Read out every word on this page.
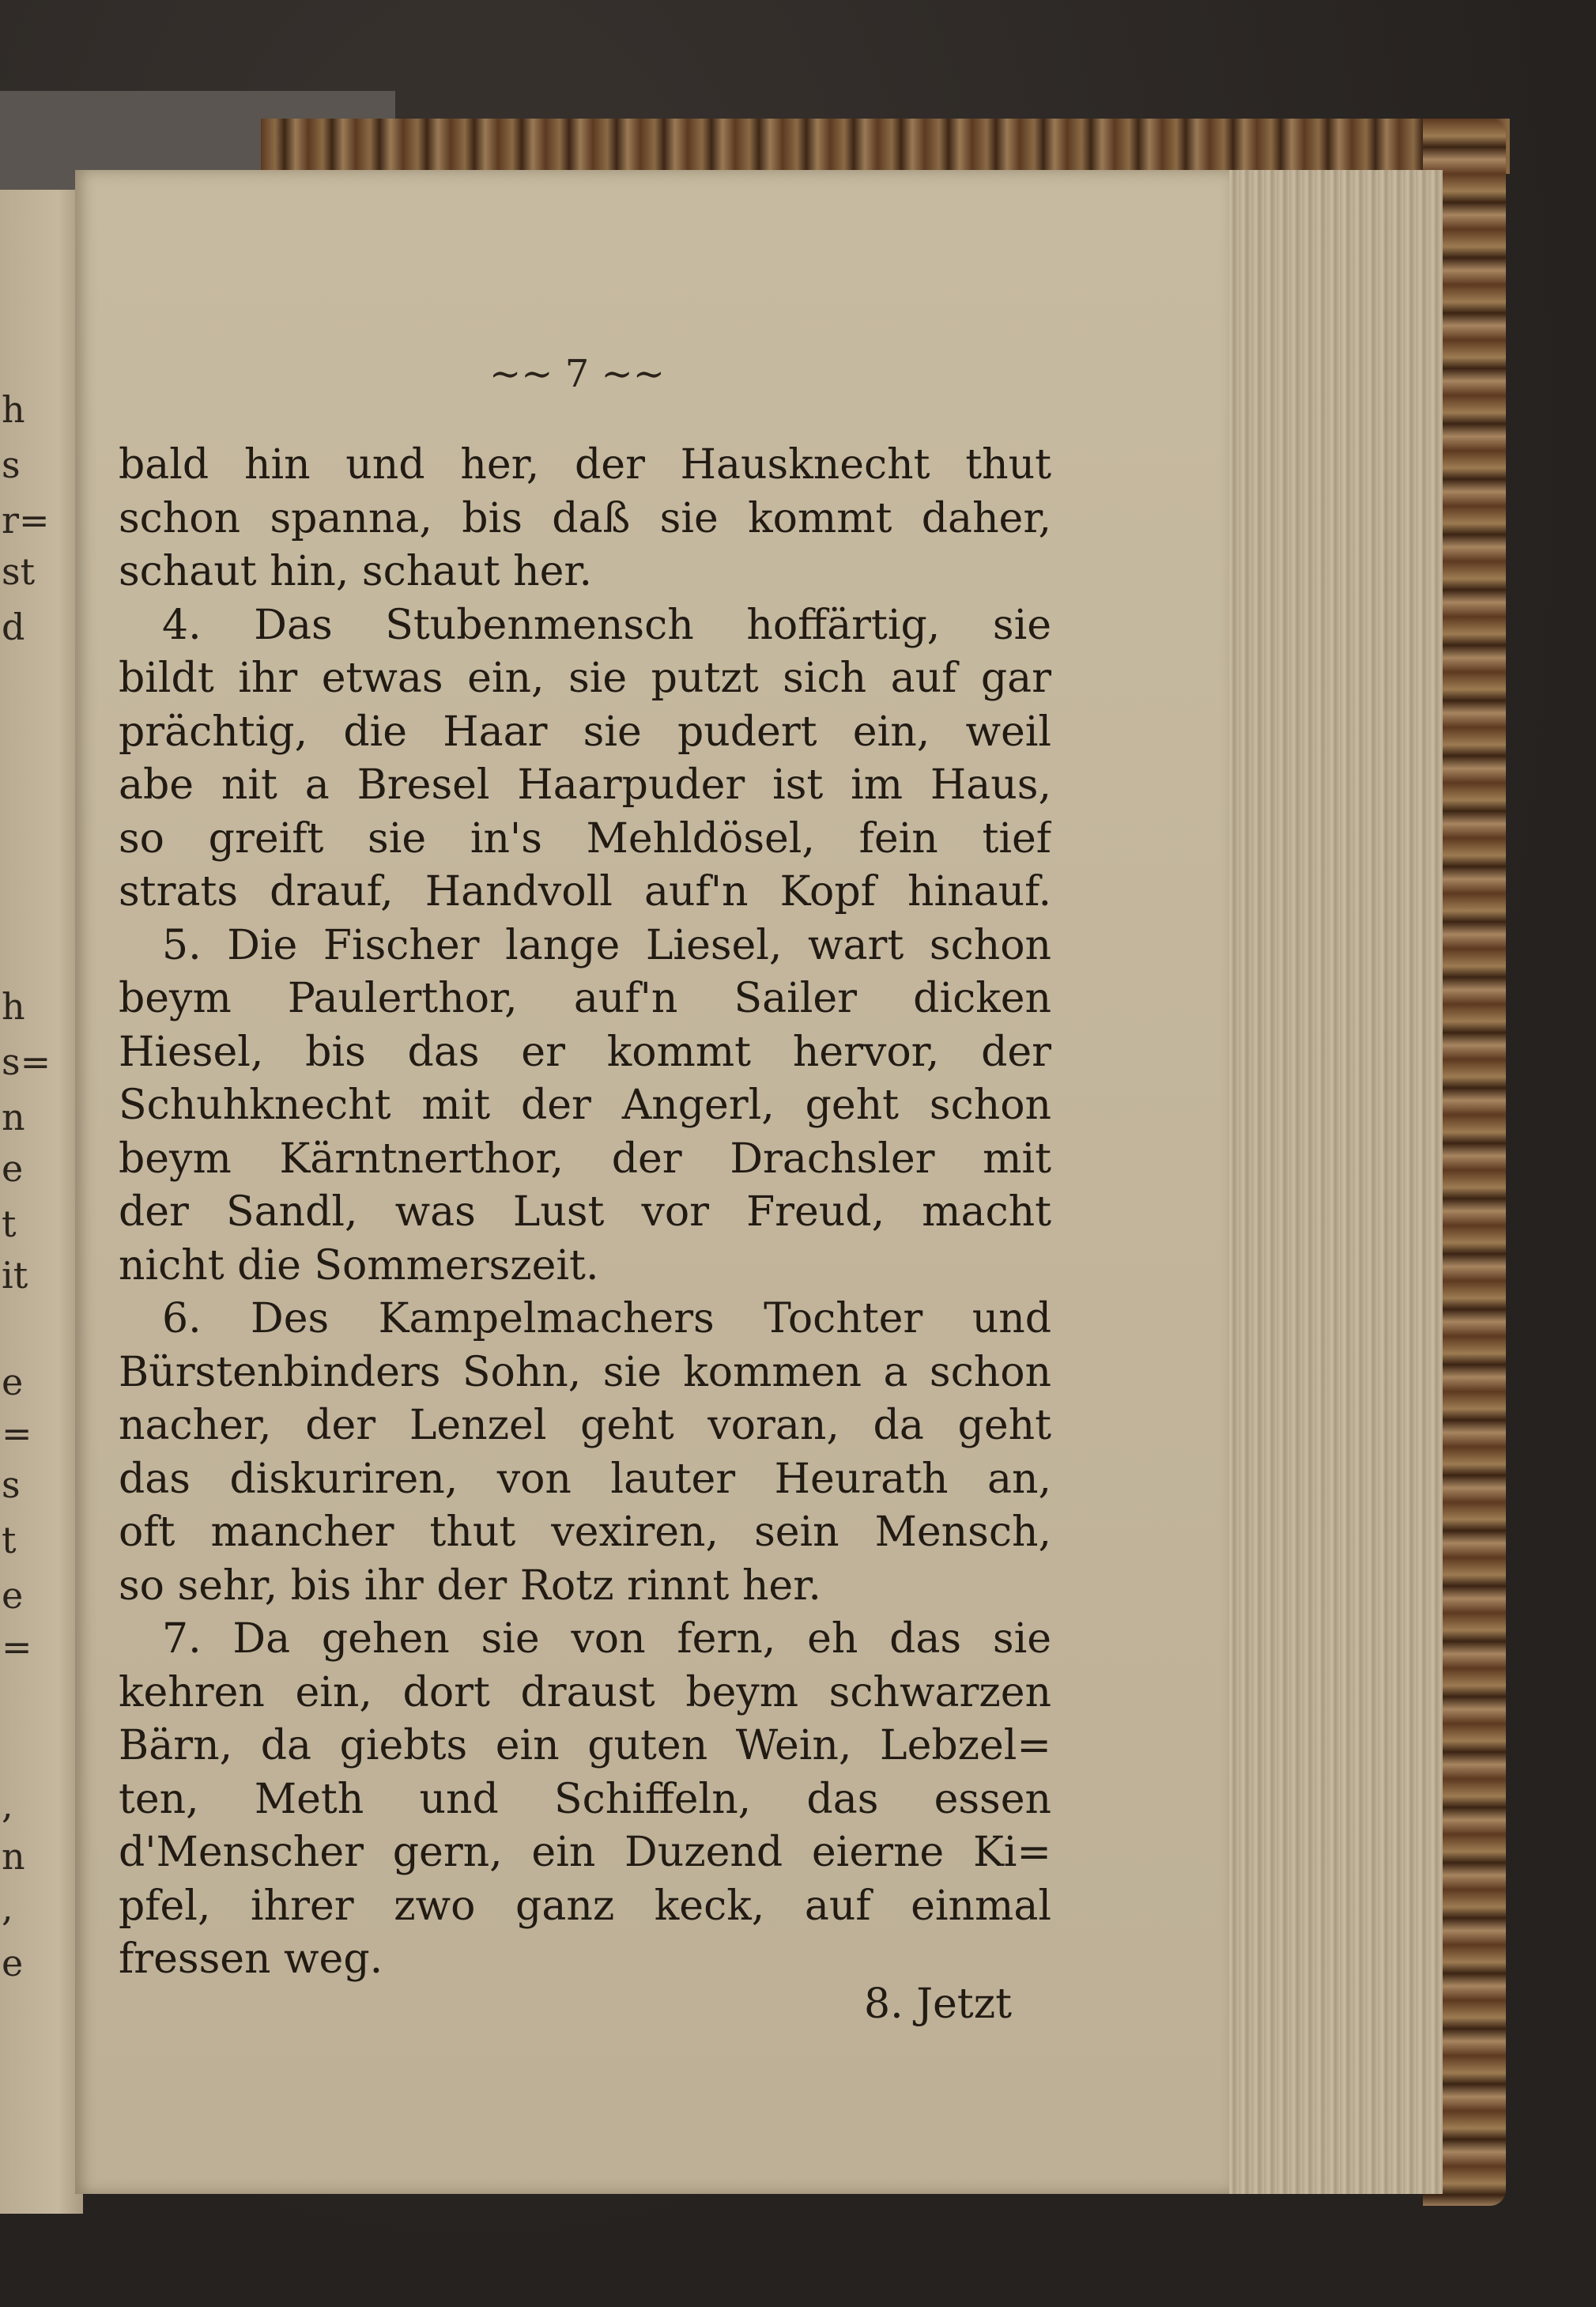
h
s
r=
st
d
h
s=
n
e
t
it
e
=
s
t
e
=
,
n
,
e
∼∼ 7 ∼∼
bald hin und her, der Hausknecht thut
schon spanna, bis daß sie kommt daher,
schaut hin, schaut her.
4. Das Stubenmensch hoffärtig, sie
bildt ihr etwas ein, sie putzt sich auf gar
prächtig, die Haar sie pudert ein, weil
abe nit a Bresel Haarpuder ist im Haus,
so greift sie in's Mehldösel, fein tief
strats drauf, Handvoll auf'n Kopf hinauf.
5. Die Fischer lange Liesel, wart schon
beym Paulerthor, auf'n Sailer dicken
Hiesel, bis das er kommt hervor, der
Schuhknecht mit der Angerl, geht schon
beym Kärntnerthor, der Drachsler mit
der Sandl, was Lust vor Freud, macht
nicht die Sommerszeit.
6. Des Kampelmachers Tochter und
Bürstenbinders Sohn, sie kommen a schon
nacher, der Lenzel geht voran, da geht
das diskuriren, von lauter Heurath an,
oft mancher thut vexiren, sein Mensch,
so sehr, bis ihr der Rotz rinnt her.
7. Da gehen sie von fern, eh das sie
kehren ein, dort draust beym schwarzen
Bärn, da giebts ein guten Wein, Lebzel=
ten, Meth und Schiffeln, das essen
d'Menscher gern, ein Duzend eierne Ki=
pfel, ihrer zwo ganz keck, auf einmal
fressen weg.
8. Jetzt
